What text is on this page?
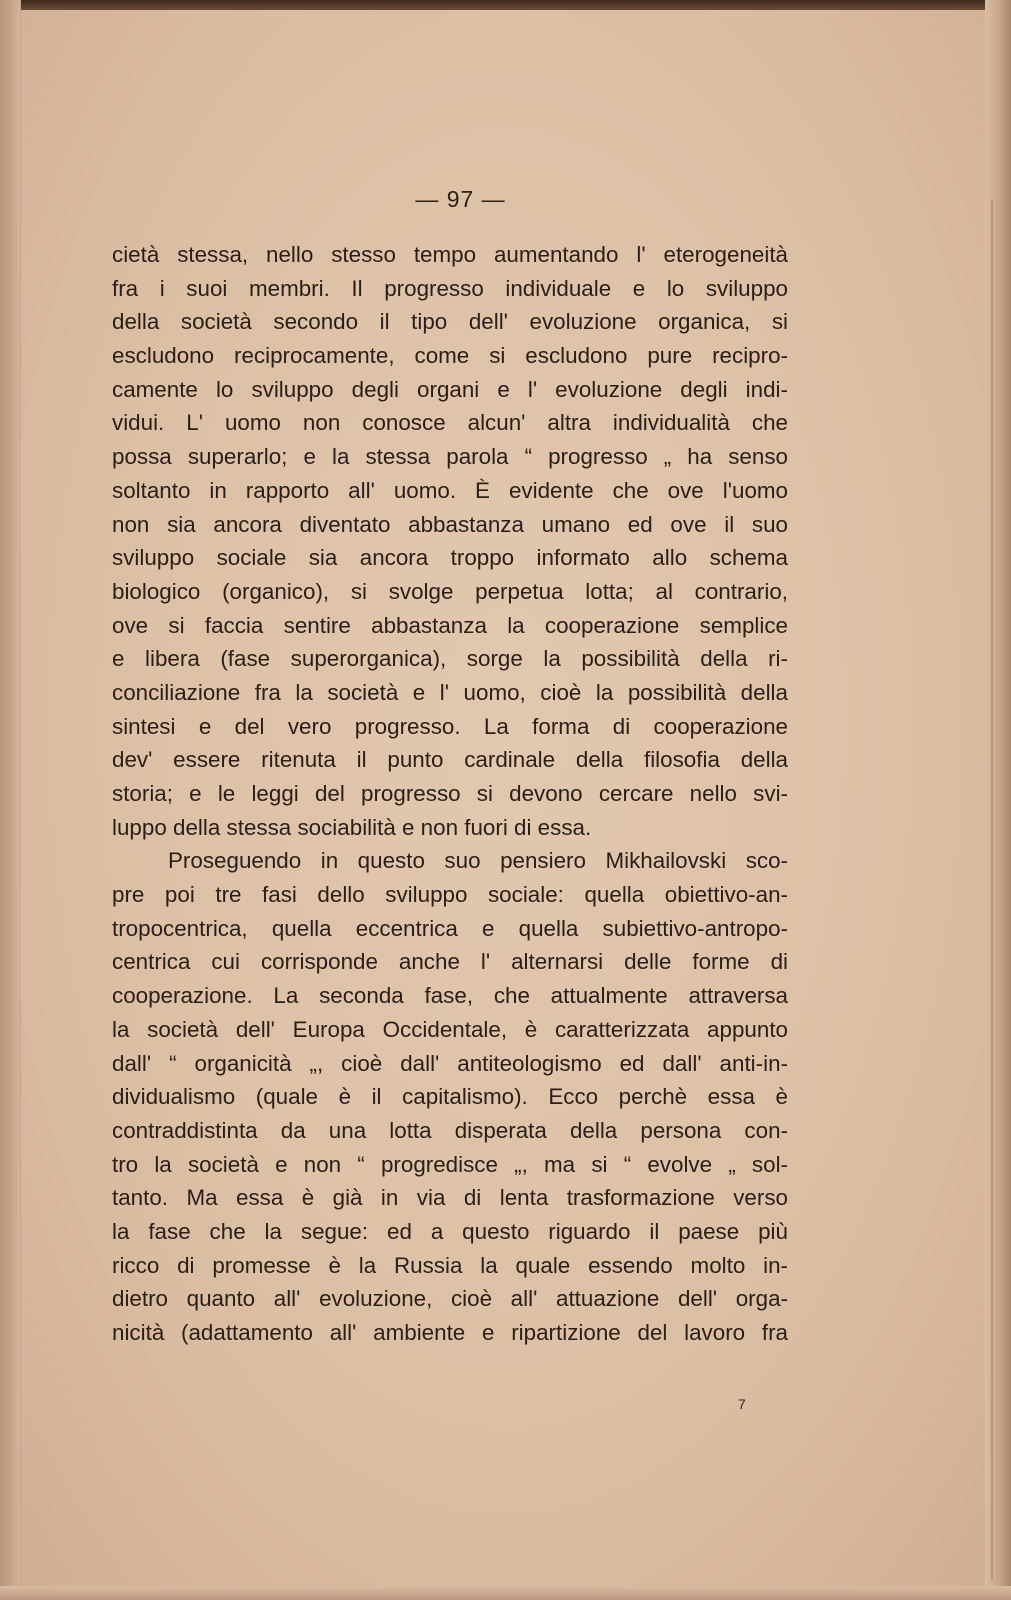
— 97 —
cietà stessa, nello stesso tempo aumentando l' eterogeneità
fra i suoi membri. Il progresso individuale e lo sviluppo
della società secondo il tipo dell' evoluzione organica, si
escludono reciprocamente, come si escludono pure recipro-
camente lo sviluppo degli organi e l' evoluzione degli indi-
vidui. L' uomo non conosce alcun' altra individualità che
possa superarlo; e la stessa parola “ progresso „ ha senso
soltanto in rapporto all' uomo. È evidente che ove l'uomo
non sia ancora diventato abbastanza umano ed ove il suo
sviluppo sociale sia ancora troppo informato allo schema
biologico (organico), si svolge perpetua lotta; al contrario,
ove si faccia sentire abbastanza la cooperazione semplice
e libera (fase superorganica), sorge la possibilità della ri-
conciliazione fra la società e l' uomo, cioè la possibilità della
sintesi e del vero progresso. La forma di cooperazione
dev' essere ritenuta il punto cardinale della filosofia della
storia; e le leggi del progresso si devono cercare nello svi-
luppo della stessa sociabilità e non fuori di essa.
Proseguendo in questo suo pensiero Mikhailovski sco-
pre poi tre fasi dello sviluppo sociale: quella obiettivo-an-
tropocentrica, quella eccentrica e quella subiettivo-antropo-
centrica cui corrisponde anche l' alternarsi delle forme di
cooperazione. La seconda fase, che attualmente attraversa
la società dell' Europa Occidentale, è caratterizzata appunto
dall' “ organicità „, cioè dall' antiteologismo ed dall' anti-in-
dividualismo (quale è il capitalismo). Ecco perchè essa è
contraddistinta da una lotta disperata della persona con-
tro la società e non “ progredisce „, ma si “ evolve „ sol-
tanto. Ma essa è già in via di lenta trasformazione verso
la fase che la segue: ed a questo riguardo il paese più
ricco di promesse è la Russia la quale essendo molto in-
dietro quanto all' evoluzione, cioè all' attuazione dell' orga-
nicità (adattamento all' ambiente e ripartizione del lavoro fra
7
